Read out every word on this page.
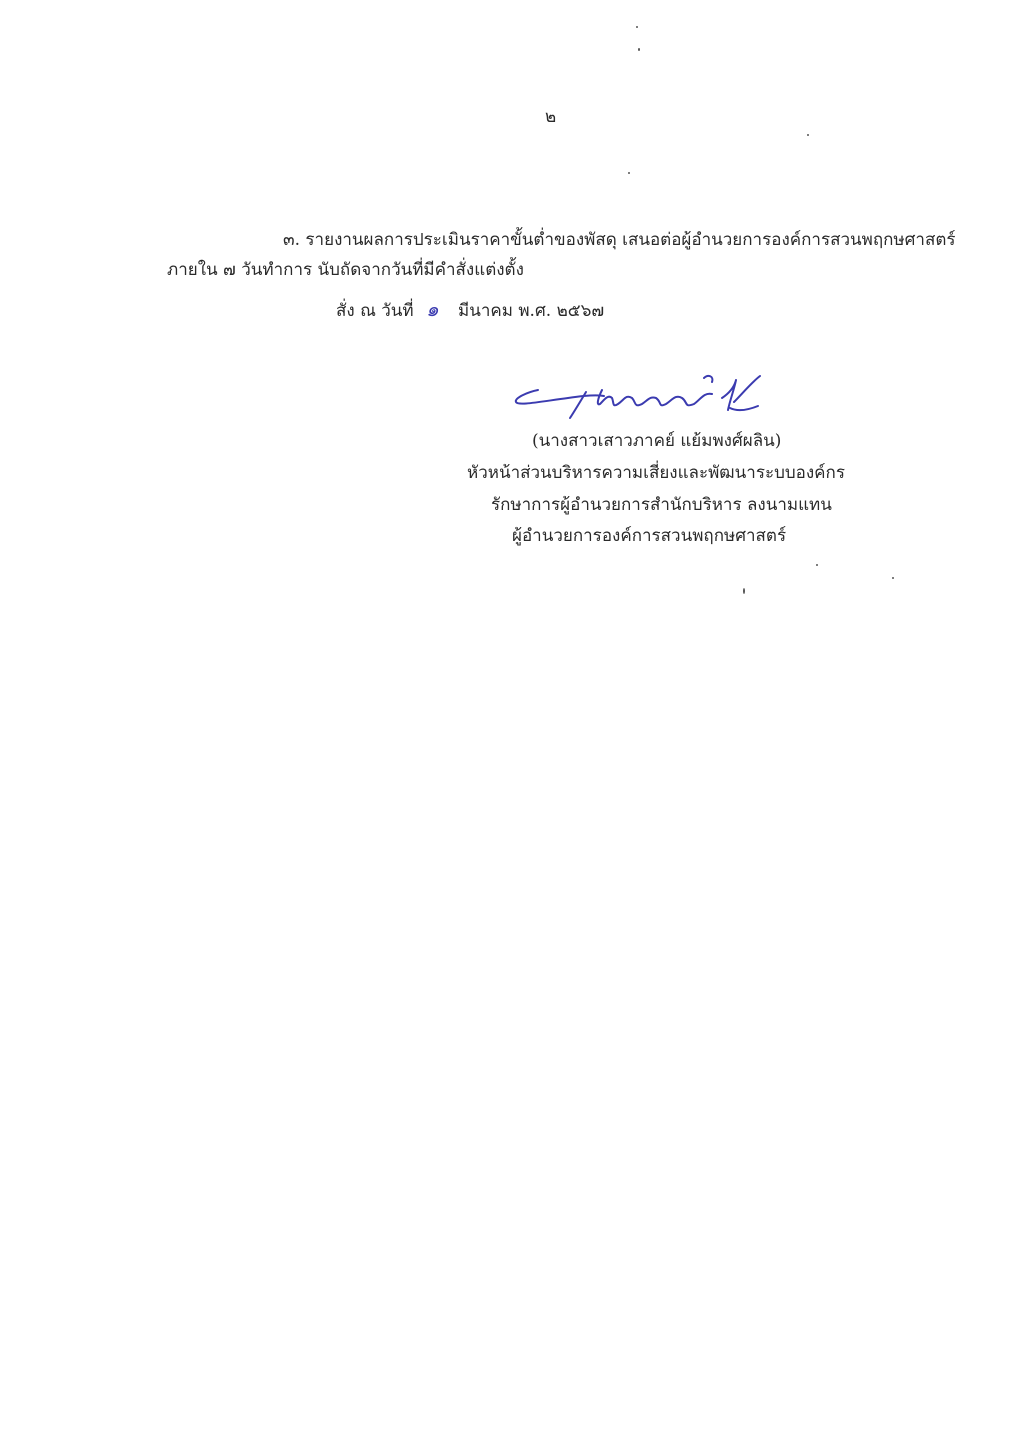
๒
๓. รายงานผลการประเมินราคาขั้นต่ำของพัสดุ เสนอต่อผู้อำนวยการองค์การสวนพฤกษศาสตร์
ภายใน ๗ วันทำการ นับถัดจากวันที่มีคำสั่งแต่งตั้ง
สั่ง ณ วันที่ ๑ มีนาคม พ.ศ. ๒๕๖๗
(นางสาวเสาวภาคย์ แย้มพงศ์ผลิน)
หัวหน้าส่วนบริหารความเสี่ยงและพัฒนาระบบองค์กร
รักษาการผู้อำนวยการสำนักบริหาร ลงนามแทน
ผู้อำนวยการองค์การสวนพฤกษศาสตร์
